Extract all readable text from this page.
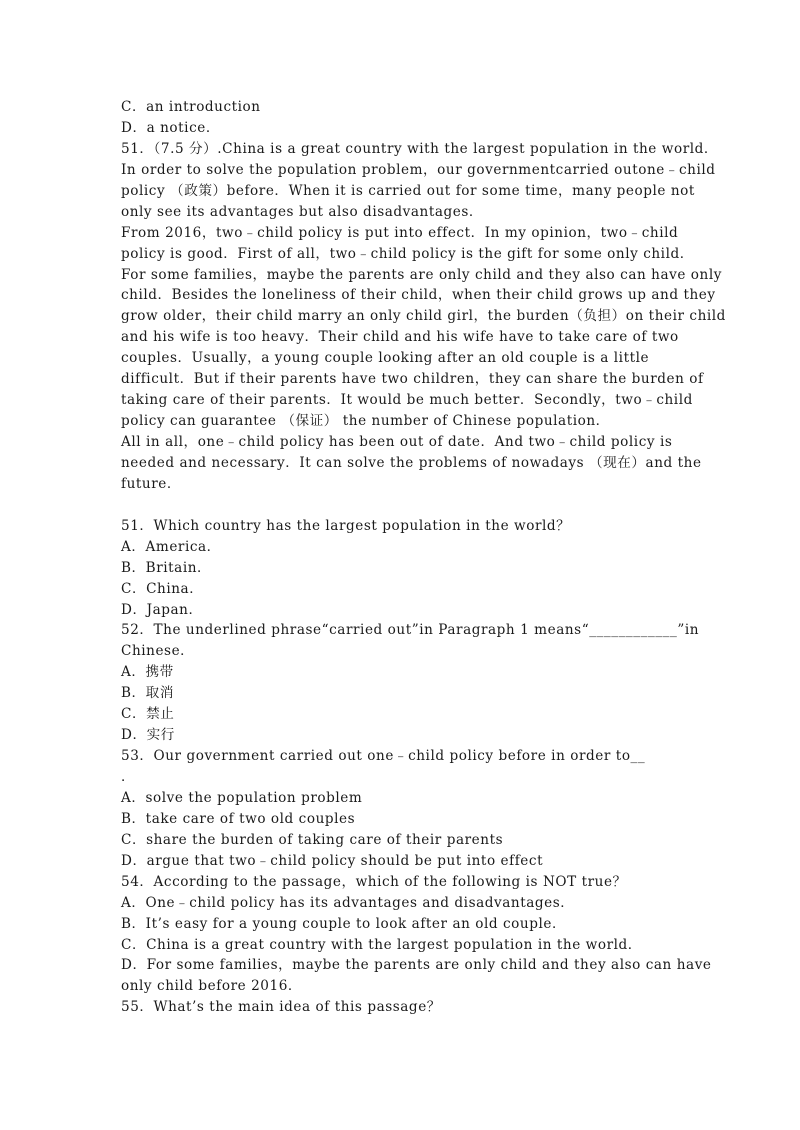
C．an introduction
D．a notice．
51．（7.5 分）.China is a great country with the largest population in the world．
In order to solve the population problem，our governmentcarried outone﹣child
policy （政策）before．When it is carried out for some time，many people not
only see its advantages but also disadvantages．
From 2016，two﹣child policy is put into effect．In my opinion，two﹣child
policy is good．First of all，two﹣child policy is the gift for some only child．
For some families，maybe the parents are only child and they also can have only
child．Besides the loneliness of their child，when their child grows up and they
grow older，their child marry an only child girl，the burden（负担）on their child
and his wife is too heavy．Their child and his wife have to take care of two
couples．Usually，a young couple looking after an old couple is a little
difficult．But if their parents have two children，they can share the burden of
taking care of their parents．It would be much better．Secondly，two﹣child
policy can guarantee （保证） the number of Chinese population．
All in all，one﹣child policy has been out of date．And two﹣child policy is
needed and necessary．It can solve the problems of nowadays （现在）and the
future．
51．Which country has the largest population in the world？
A．America．
B．Britain．
C．China．
D．Japan．
52．The underlined phrase“carried out”in Paragraph 1 means“____________”in
Chinese．
A．携带
B．取消
C．禁止
D．实行
53．Our government carried out one﹣child policy before in order to__
．
A．solve the population problem
B．take care of two old couples
C．share the burden of taking care of their parents
D．argue that two﹣child policy should be put into effect
54．According to the passage，which of the following is NOT true？
A．One﹣child policy has its advantages and disadvantages．
B．It’s easy for a young couple to look after an old couple．
C．China is a great country with the largest population in the world．
D．For some families，maybe the parents are only child and they also can have
only child before 2016．
55．What’s the main idea of this passage？
